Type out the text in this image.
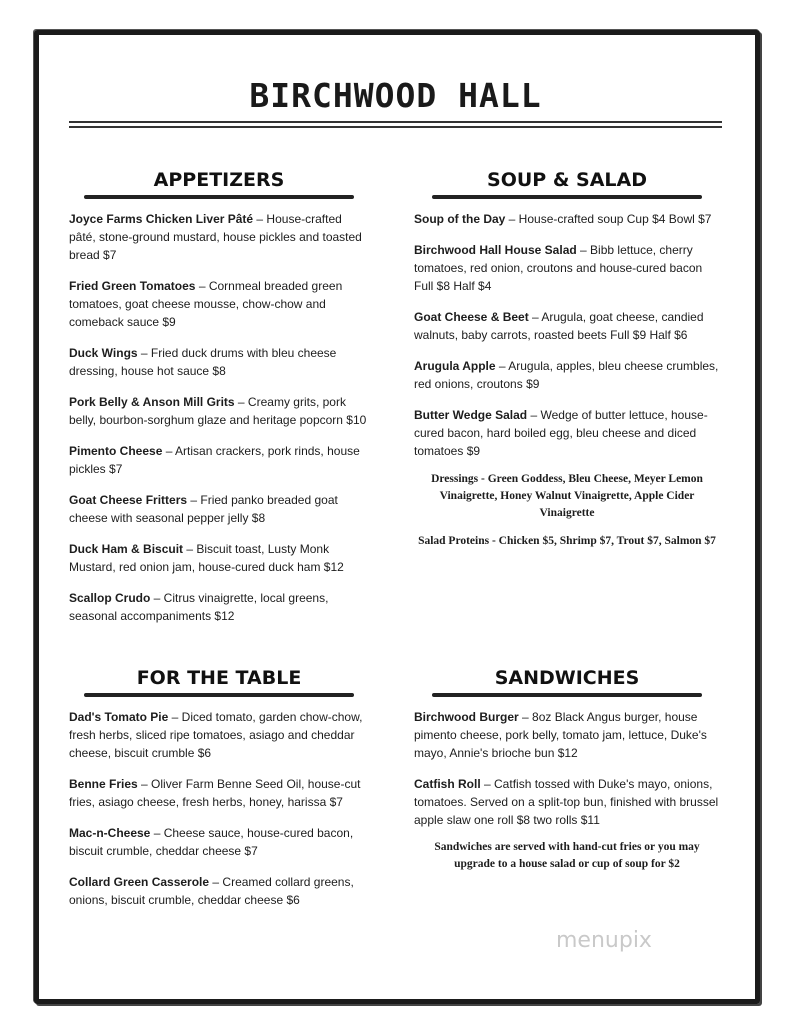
BIRCHWOOD HALL
APPETIZERS
Joyce Farms Chicken Liver Pâté – House-crafted pâté, stone-ground mustard, house pickles and toasted bread $7
Fried Green Tomatoes – Cornmeal breaded green tomatoes, goat cheese mousse, chow-chow and comeback sauce $9
Duck Wings – Fried duck drums with bleu cheese dressing, house hot sauce $8
Pork Belly & Anson Mill Grits – Creamy grits, pork belly, bourbon-sorghum glaze and heritage popcorn $10
Pimento Cheese – Artisan crackers, pork rinds, house pickles $7
Goat Cheese Fritters – Fried panko breaded goat cheese with seasonal pepper jelly $8
Duck Ham & Biscuit – Biscuit toast, Lusty Monk Mustard, red onion jam, house-cured duck ham $12
Scallop Crudo – Citrus vinaigrette, local greens, seasonal accompaniments $12
SOUP & SALAD
Soup of the Day – House-crafted soup Cup $4 Bowl $7
Birchwood Hall House Salad – Bibb lettuce, cherry tomatoes, red onion, croutons and house-cured bacon Full $8 Half $4
Goat Cheese & Beet – Arugula, goat cheese, candied walnuts, baby carrots, roasted beets Full $9 Half $6
Arugula Apple – Arugula, apples, bleu cheese crumbles, red onions, croutons $9
Butter Wedge Salad – Wedge of butter lettuce, house-cured bacon, hard boiled egg, bleu cheese and diced tomatoes $9
Dressings - Green Goddess, Bleu Cheese, Meyer Lemon Vinaigrette, Honey Walnut Vinaigrette, Apple Cider Vinaigrette
Salad Proteins - Chicken $5, Shrimp $7, Trout $7, Salmon $7
FOR THE TABLE
Dad's Tomato Pie – Diced tomato, garden chow-chow, fresh herbs, sliced ripe tomatoes, asiago and cheddar cheese, biscuit crumble $6
Benne Fries – Oliver Farm Benne Seed Oil, house-cut fries, asiago cheese, fresh herbs, honey, harissa $7
Mac-n-Cheese – Cheese sauce, house-cured bacon, biscuit crumble, cheddar cheese $7
Collard Green Casserole – Creamed collard greens, onions, biscuit crumble, cheddar cheese $6
SANDWICHES
Birchwood Burger – 8oz Black Angus burger, house pimento cheese, pork belly, tomato jam, lettuce, Duke's mayo, Annie's brioche bun $12
Catfish Roll – Catfish tossed with Duke's mayo, onions, tomatoes. Served on a split-top bun, finished with brussel apple slaw one roll $8 two rolls $11
Sandwiches are served with hand-cut fries or you may upgrade to a house salad or cup of soup for $2
menupix
